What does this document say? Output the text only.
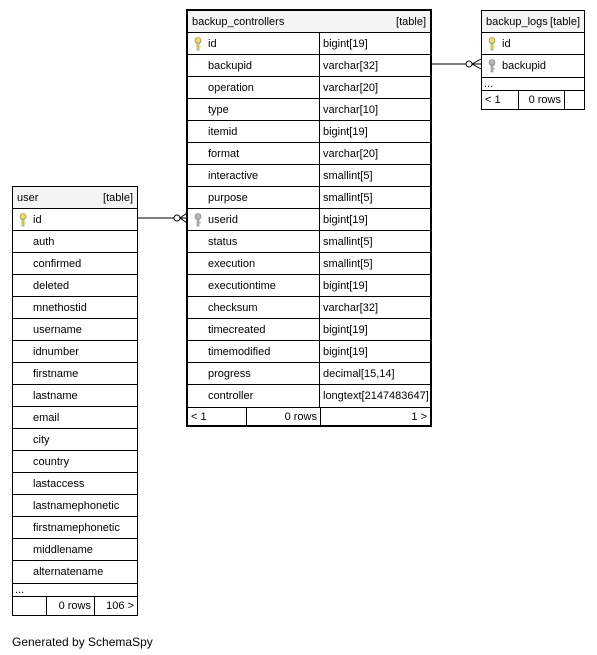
backup_controllers	[table]
id	bigint[19]
backupid	varchar[32]
operation	varchar[20]
type	varchar[10]
itemid	bigint[19]
format	varchar[20]
interactive	smallint[5]
purpose	smallint[5]
userid	bigint[19]
status	smallint[5]
execution	smallint[5]
executiontime	bigint[19]
checksum	varchar[32]
timecreated	bigint[19]
timemodified	bigint[19]
progress	decimal[15,14]
controller	longtext[2147483647]
< 1	0 rows	1 >
backup_logs [table]
id
backupid
...
< 1	0 rows
user	[table]
id
auth
confirmed
deleted
mnethostid
username
idnumber
firstname
lastname
email
city
country
lastaccess
lastnamephonetic
firstnamephonetic
middlename
alternatename
...
0 rows	106 >
Generated by SchemaSpy
